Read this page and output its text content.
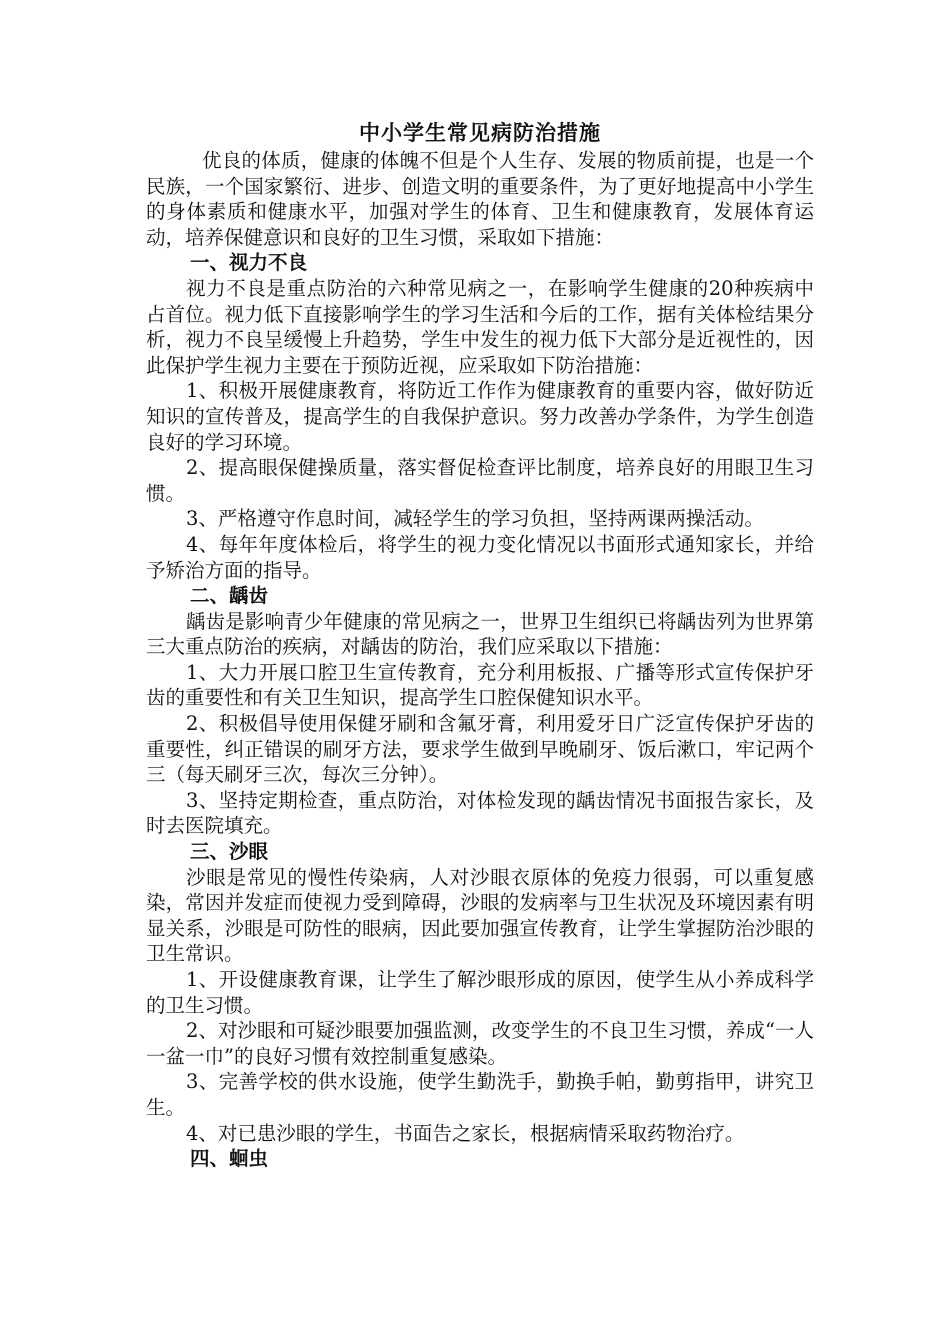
中小学生常见病防治措施

优良的体质，健康的体魄不但是个人生存、发展的物质前提，也是一个民族，一个国家繁衍、进步、创造文明的重要条件，为了更好地提高中小学生的身体素质和健康水平，加强对学生的体育、卫生和健康教育，发展体育运动，培养保健意识和良好的卫生习惯，采取如下措施：

一、视力不良

视力不良是重点防治的六种常见病之一，在影响学生健康的20种疾病中占首位。视力低下直接影响学生的学习生活和今后的工作，据有关体检结果分析，视力不良呈缓慢上升趋势，学生中发生的视力低下大部分是近视性的，因此保护学生视力主要在于预防近视，应采取如下防治措施：

1、积极开展健康教育，将防近工作作为健康教育的重要内容，做好防近知识的宣传普及，提高学生的自我保护意识。努力改善办学条件，为学生创造良好的学习环境。

2、提高眼保健操质量，落实督促检查评比制度，培养良好的用眼卫生习惯。

3、严格遵守作息时间，减轻学生的学习负担，坚持两课两操活动。

4、每年年度体检后，将学生的视力变化情况以书面形式通知家长，并给予矫治方面的指导。

二、龋齿

龋齿是影响青少年健康的常见病之一，世界卫生组织已将龋齿列为世界第三大重点防治的疾病，对龋齿的防治，我们应采取以下措施：

1、大力开展口腔卫生宣传教育，充分利用板报、广播等形式宣传保护牙齿的重要性和有关卫生知识，提高学生口腔保健知识水平。

2、积极倡导使用保健牙刷和含氟牙膏，利用爱牙日广泛宣传保护牙齿的重要性，纠正错误的刷牙方法，要求学生做到早晚刷牙、饭后漱口，牢记两个三（每天刷牙三次，每次三分钟）。

3、坚持定期检查，重点防治，对体检发现的龋齿情况书面报告家长，及时去医院填充。

三、沙眼

沙眼是常见的慢性传染病，人对沙眼衣原体的免疫力很弱，可以重复感染，常因并发症而使视力受到障碍，沙眼的发病率与卫生状况及环境因素有明显关系，沙眼是可防性的眼病，因此要加强宣传教育，让学生掌握防治沙眼的卫生常识。

1、开设健康教育课，让学生了解沙眼形成的原因，使学生从小养成科学的卫生习惯。

2、对沙眼和可疑沙眼要加强监测，改变学生的不良卫生习惯，养成“一人一盆一巾”的良好习惯有效控制重复感染。

3、完善学校的供水设施，使学生勤洗手，勤换手帕，勤剪指甲，讲究卫生。

4、对已患沙眼的学生，书面告之家长，根据病情采取药物治疗。

四、蛔虫
